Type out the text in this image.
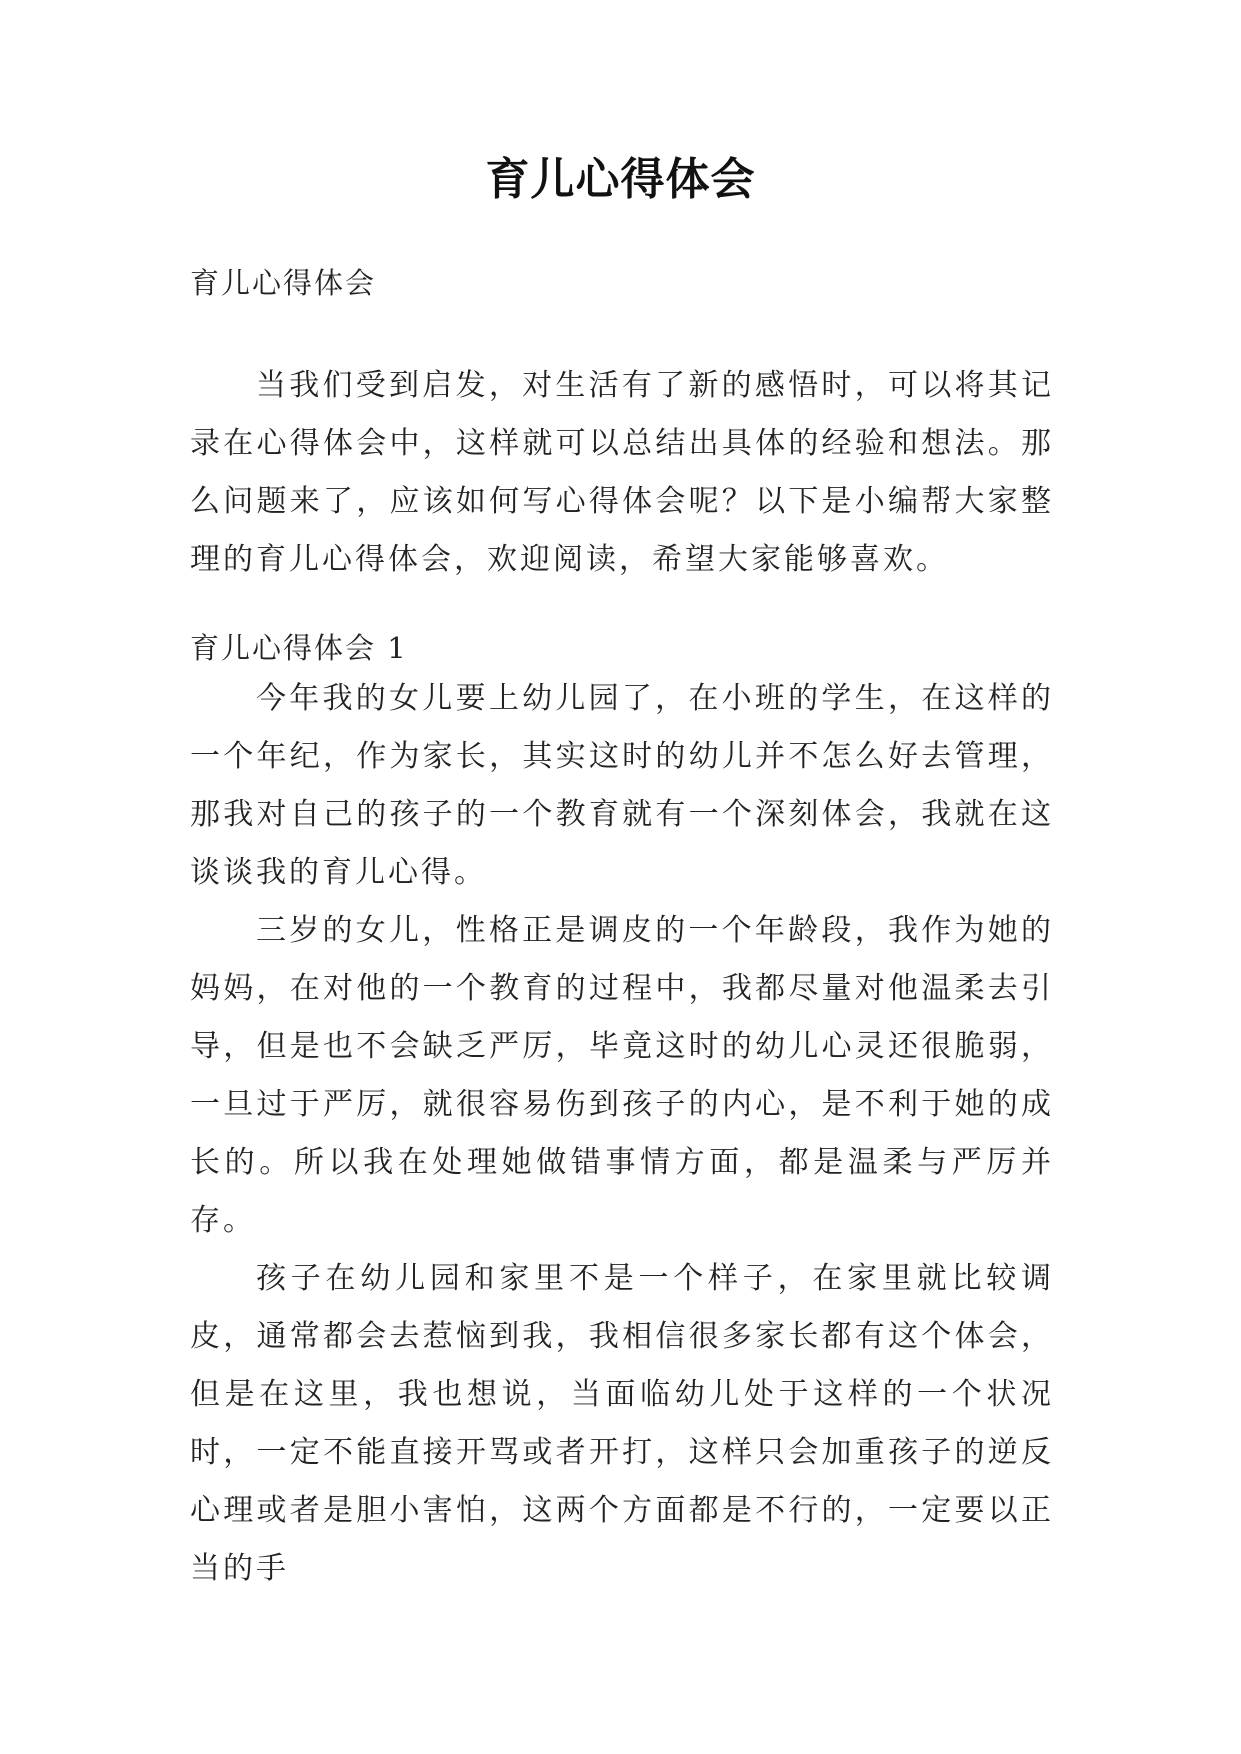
育儿心得体会
育儿心得体会

当我们受到启发，对生活有了新的感悟时，可以将其记录在心得体会中，这样就可以总结出具体的经验和想法。那么问题来了，应该如何写心得体会呢？以下是小编帮大家整理的育儿心得体会，欢迎阅读，希望大家能够喜欢。

育儿心得体会 1

今年我的女儿要上幼儿园了，在小班的学生，在这样的一个年纪，作为家长，其实这时的幼儿并不怎么好去管理，那我对自己的孩子的一个教育就有一个深刻体会，我就在这谈谈我的育儿心得。

三岁的女儿，性格正是调皮的一个年龄段，我作为她的妈妈，在对他的一个教育的过程中，我都尽量对他温柔去引导，但是也不会缺乏严厉，毕竟这时的幼儿心灵还很脆弱，一旦过于严厉，就很容易伤到孩子的内心，是不利于她的成长的。所以我在处理她做错事情方面，都是温柔与严厉并存。

孩子在幼儿园和家里不是一个样子，在家里就比较调皮，通常都会去惹恼到我，我相信很多家长都有这个体会，但是在这里，我也想说，当面临幼儿处于这样的一个状况时，一定不能直接开骂或者开打，这样只会加重孩子的逆反心理或者是胆小害怕，这两个方面都是不行的，一定要以正当的手
